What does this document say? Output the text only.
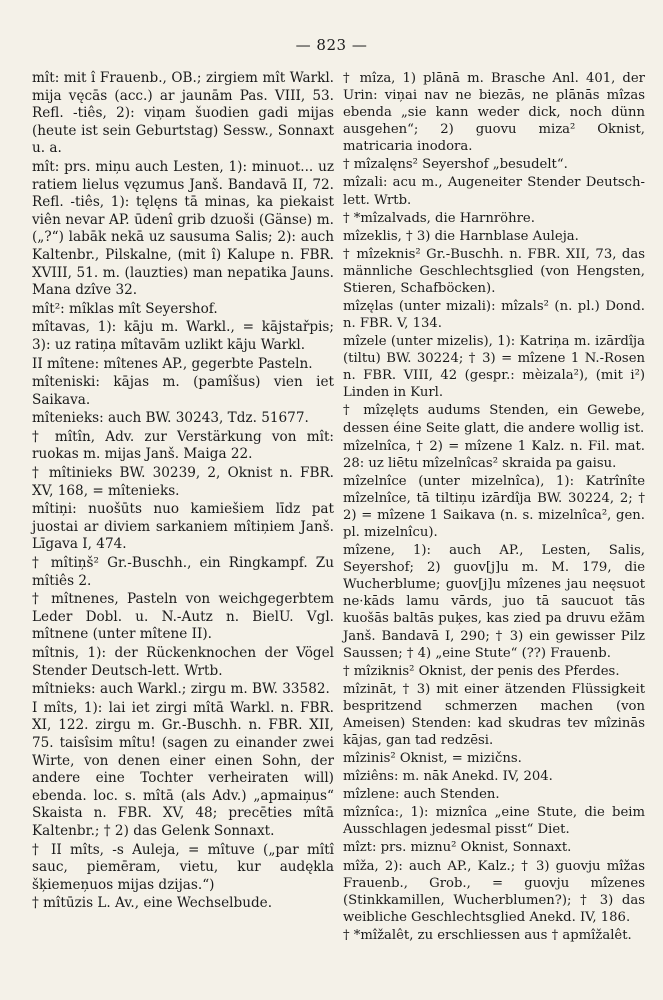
— 823 —

mît: mit î Frauenb., OB.; zirgiem mît Warkl. mija vęcās (acc.) ar jaunām Pas. VIII, 53. Refl. -tiês, 2): viņam šuodien gadi mijas (heute ist sein Geburtstag) Sessw., Sonnaxt u. a.

mît: prs. miņu auch Lesten, 1): minuot... uz ratiem lielus vęzumus Janš. Bandavā II, 72. Refl. -tiês, 1): tęlęns tā minas, ka piekaist viên nevar AP. ūdenî grib dzuoši (Gänse) m. („?“) labāk nekā uz sausuma Salis; 2): auch Kaltenbr., Pilskalne, (mit î) Kalupe n. FBR. XVIII, 51. m. (lauzties) man nepatika Jauns. Mana dzîve 32.

mît²: mîklas mît Seyershof.

mîtavas, 1): kāju m. Warkl., = kājstařpis; 3): uz ratiņa mîtavām uzlikt kāju Warkl.

II mîtene: mîtenes AP., gegerbte Pasteln.

mîteniski: kājas m. (pamîšus) vien iet Saikava.

mîtenieks: auch BW. 30243, Tdz. 51677.

† mîtîn, Adv. zur Verstärkung von mît: ruokas m. mijas Janš. Maiga 22.

† mîtinieks BW. 30239, 2, Oknist n. FBR. XV, 168, = mîtenieks.

mîtiņi: nuošūts nuo kamiešiem līdz pat juostai ar diviem sarkaniem mîtiņiem Janš. Līgava I, 474.

† mîtiņš² Gr.-Buschh., ein Ringkampf. Zu mîtiês 2.

† mîtnenes, Pasteln von weichgegerbtem Leder Dobl. u. N.-Autz n. BielU. Vgl. mîtnene (unter mîtene II).

mîtnis, 1): der Rückenknochen der Vögel Stender Deutsch-lett. Wrtb.

mîtnieks: auch Warkl.; zirgu m. BW. 33582.

I mîts, 1): lai iet zirgi mîtā Warkl. n. FBR. XI, 122. zirgu m. Gr.-Buschh. n. FBR. XII, 75. taisîsim mîtu! (sagen zu einander zwei Wirte, von denen einer einen Sohn, der andere eine Tochter verheiraten will) ebenda. loc. s. mîtā (als Adv.) „apmaiņus“ Skaista n. FBR. XV, 48; precēties mîtā Kaltenbr.; † 2) das Gelenk Sonnaxt.

† II mîts, -s Auleja, = mîtuve („par mîtî sauc, piemēram, vietu, kur audękla šķiemeņuos mijas dzijas.“)

† mîtūzis L. Av., eine Wechselbude.

† mîza, 1) plānā m. Brasche Anl. 401, der Urin: viņai nav ne biezās, ne plānās mîzas ebenda „sie kann weder dick, noch dünn ausgehen“; 2) guovu miza² Oknist, matricaria inodora.

† mîzalęns² Seyershof „besudelt“.

mîzali: acu m., Augeneiter Stender Deutsch-lett. Wrtb.

† *mîzalvads, die Harnröhre.

mîzeklis, † 3) die Harnblase Auleja.

† mîzeknis² Gr.-Buschh. n. FBR. XII, 73, das männliche Geschlechtsglied (von Hengsten, Stieren, Schafböcken).

mîzęlas (unter mizali): mîzals² (n. pl.) Dond. n. FBR. V, 134.

mîzele (unter mizelis), 1): Katriņa m. izārdîja (tiltu) BW. 30224; † 3) = mîzene 1 N.-Rosen n. FBR. VIII, 42 (gespr.: mèizala²), (mit i²) Linden in Kurl.

† mîzęlęts audums Stenden, ein Gewebe, dessen éine Seite glatt, die andere wollig ist.

mîzelnîca, † 2) = mîzene 1 Kalz. n. Fil. mat. 28: uz liētu mîzelnîcas² skraida pa gaisu.

mîzelnîce (unter mizelnîca), 1): Katrînîte mîzelnîce, tā tiltiņu izārdîja BW. 30224, 2; † 2) = mîzene 1 Saikava (n. s. mizelnîca², gen. pl. mizelnîcu).

mîzene, 1): auch AP., Lesten, Salis, Seyershof; 2) guov[j]u m. M. 179, die Wucherblume; guov[j]u mîzenes jau neęsuot ne·kāds lamu vārds, juo tā saucuot tās kuošās baltās puķes, kas zied pa druvu ežām Janš. Bandavā I, 290; † 3) ein gewisser Pilz Saussen; † 4) „eine Stute“ (??) Frauenb.

† mîziknis² Oknist, der penis des Pferdes.

mîzināt, † 3) mit einer ätzenden Flüssigkeit bespritzend schmerzen machen (von Ameisen) Stenden: kad skudras tev mîzinās kājas, gan tad redzēsi.

mîzinis² Oknist, = mizičns.

mîziêns: m. nāk Anekd. IV, 204.

mîzlene: auch Stenden.

mîznîca:, 1): miznîca „eine Stute, die beim Ausschlagen jedesmal pisst“ Diet.

mîzt: prs. miznu² Oknist, Sonnaxt.

mîža, 2): auch AP., Kalz.; † 3) guovju mîžas Frauenb., Grob., = guovju mîzenes (Stinkkamillen, Wucherblumen?); † 3) das weibliche Geschlechtsglied Anekd. IV, 186.

† *mîžalêt, zu erschliessen aus † apmîžalêt.
